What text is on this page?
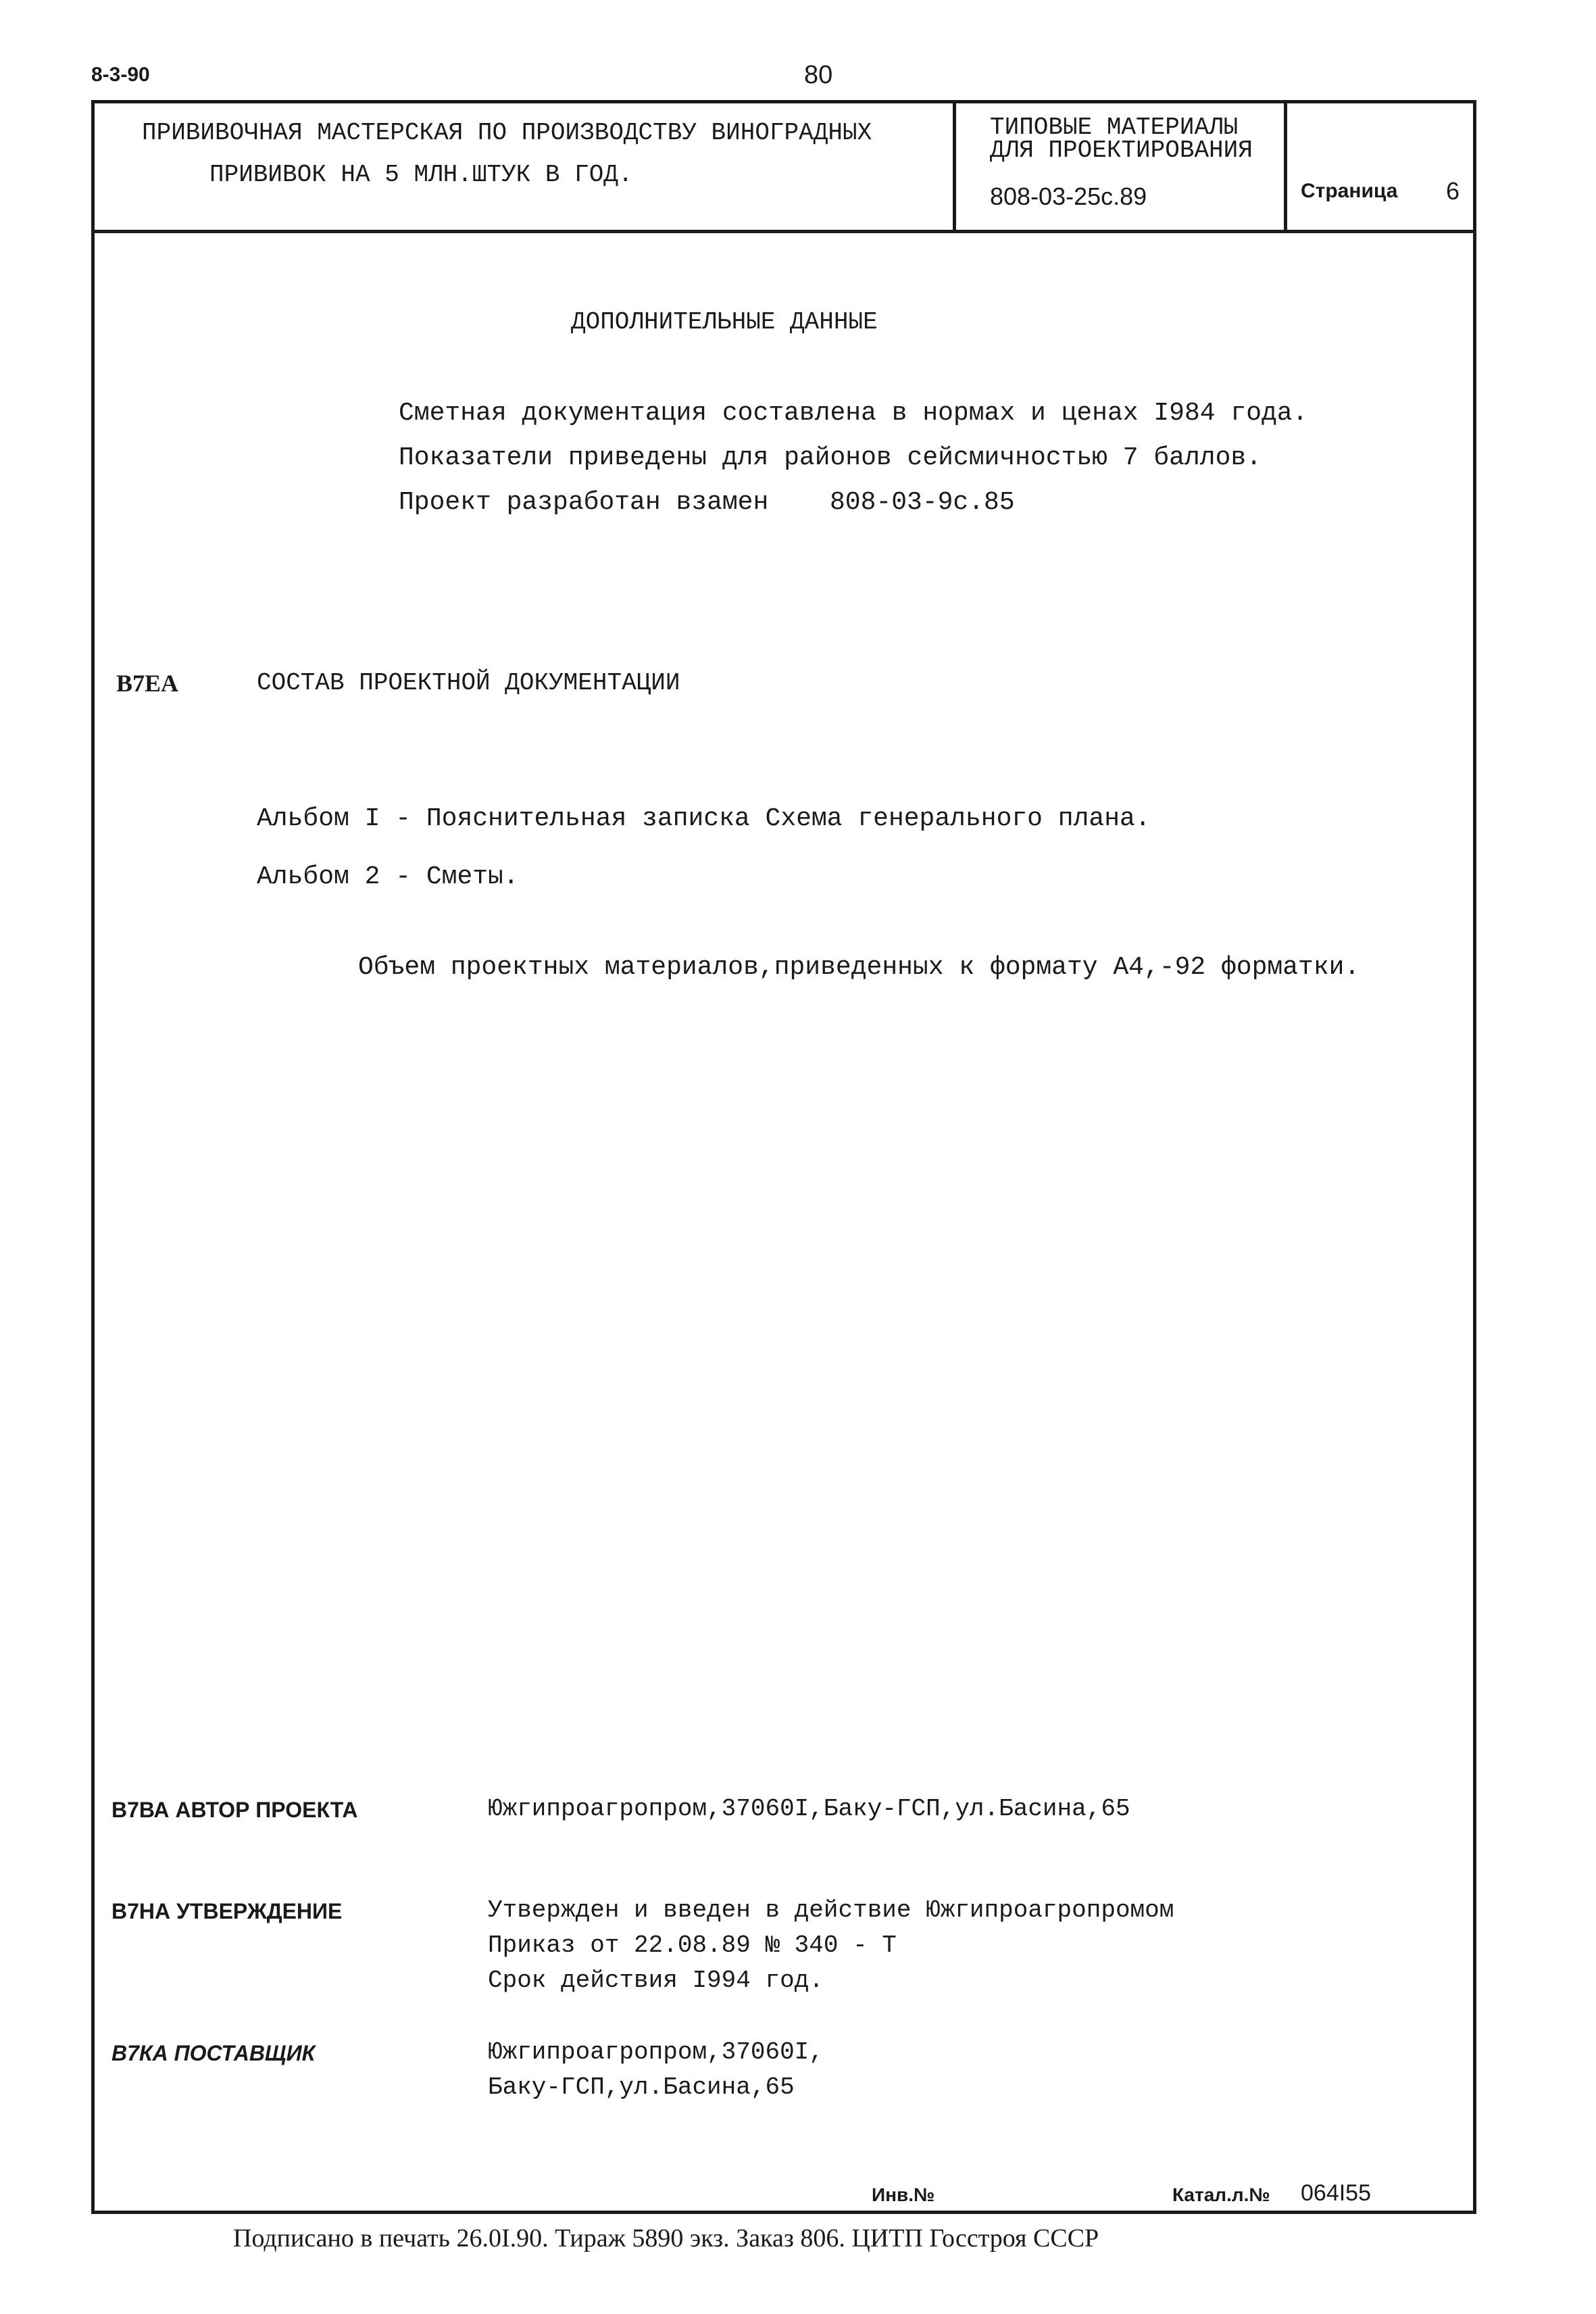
8-3-90	80
ПРИВИВОЧНАЯ МАСТЕРСКАЯ ПО ПРОИЗВОДСТВУ ВИНОГРАДНЫХ
ПРИВИВОК НА 5 МЛН.ШТУК В ГОД.
ТИПОВЫЕ МАТЕРИАЛЫ
ДЛЯ ПРОЕКТИРОВАНИЯ
808-03-25с.89	Страница 6
ДОПОЛНИТЕЛЬНЫЕ ДАННЫЕ
Сметная документация составлена в нормах и ценах I984 года.
Показатели приведены для районов сейсмичностью 7 баллов.
Проект разработан взамен 808-03-9с.85
В7ЕА	СОСТАВ ПРОЕКТНОЙ ДОКУМЕНТАЦИИ
Альбом I - Пояснительная записка Схема генерального плана.
Альбом 2 - Сметы.
Объем проектных материалов,приведенных к формату А4,-92 форматки.
В7ВА АВТОР ПРОЕКТА	Южгипроагропром,37060I,Баку-ГСП,ул.Басина,65
В7НА УТВЕРЖДЕНИЕ	Утвержден и введен в действие Южгипроагропромом
Приказ от 22.08.89 № 340 - Т
Срок действия I994 год.
В7КА ПОСТАВЩИК	Южгипроагропром,37060I,
Баку-ГСП,ул.Басина,65
Инв.№	Катал.л.№ 064I55
Подписано в печать 26.0I.90. Тираж 5890 экз. Заказ 806. ЦИТП Госстроя СССР
